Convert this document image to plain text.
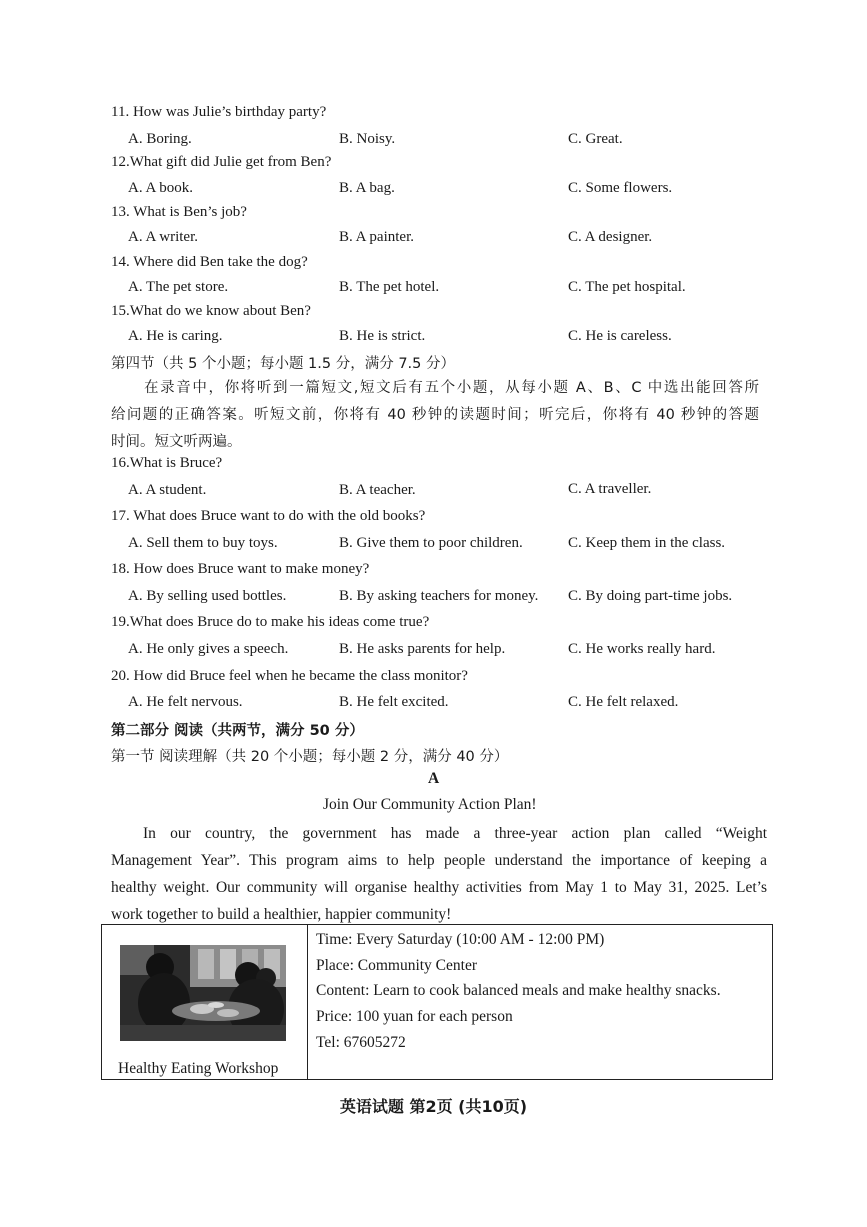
11. How was Julie’s birthday party?
A. Boring.	B. Noisy.	C. Great.
12.What gift did Julie get from Ben?
A. A book.	B. A bag.	C. Some flowers.
13. What is Ben’s job?
A. A writer.	B. A painter.	C. A designer.
14. Where did Ben take the dog?
A. The pet store.	B. The pet hotel.	C. The pet hospital.
15.What do we know about Ben?
A. He is caring.	B. He is strict.	C. He is careless.
第四节（共 5 个小题；每小题 1.5 分，满分 7.5 分）
在录音中，你将听到一篇短文,短文后有五个小题，从每小题 A、B、C 中选出能回答所
给问题的正确答案。听短文前，你将有 40 秒钟的读题时间；听完后，你将有 40 秒钟的答题
时间。短文听两遍。
16.What is Bruce?
A. A student.	B. A teacher.	C. A traveller.
17. What does Bruce want to do with the old books?
A. Sell them to buy toys.	B. Give them to poor children.	C. Keep them in the class.
18. How does Bruce want to make money?
A. By selling used bottles.	B. By asking teachers for money. C. By doing part-time jobs.
19.What does Bruce do to make his ideas come true?
A. He only gives a speech.	B. He asks parents for help.	C. He works really hard.
20. How did Bruce feel when he became the class monitor?
A. He felt nervous.	B. He felt excited.	C. He felt relaxed.
第二部分 阅读（共两节，满分 50 分）
第一节 阅读理解（共 20 个小题；每小题 2 分，满分 40 分）
A
Join Our Community Action Plan!
In our country, the government has made a three-year action plan called “Weight
Management Year”. This program aims to help people understand the importance of keeping a
healthy weight. Our community will organise healthy activities from May 1 to May 31, 2025. Let’s
work together to build a healthier, happier community!
Healthy Eating Workshop
Time: Every Saturday (10:00 AM - 12:00 PM)
Place: Community Center
Content: Learn to cook balanced meals and make healthy snacks.
Price: 100 yuan for each person
Tel: 67605272
英语试题 第2页 (共10页)
